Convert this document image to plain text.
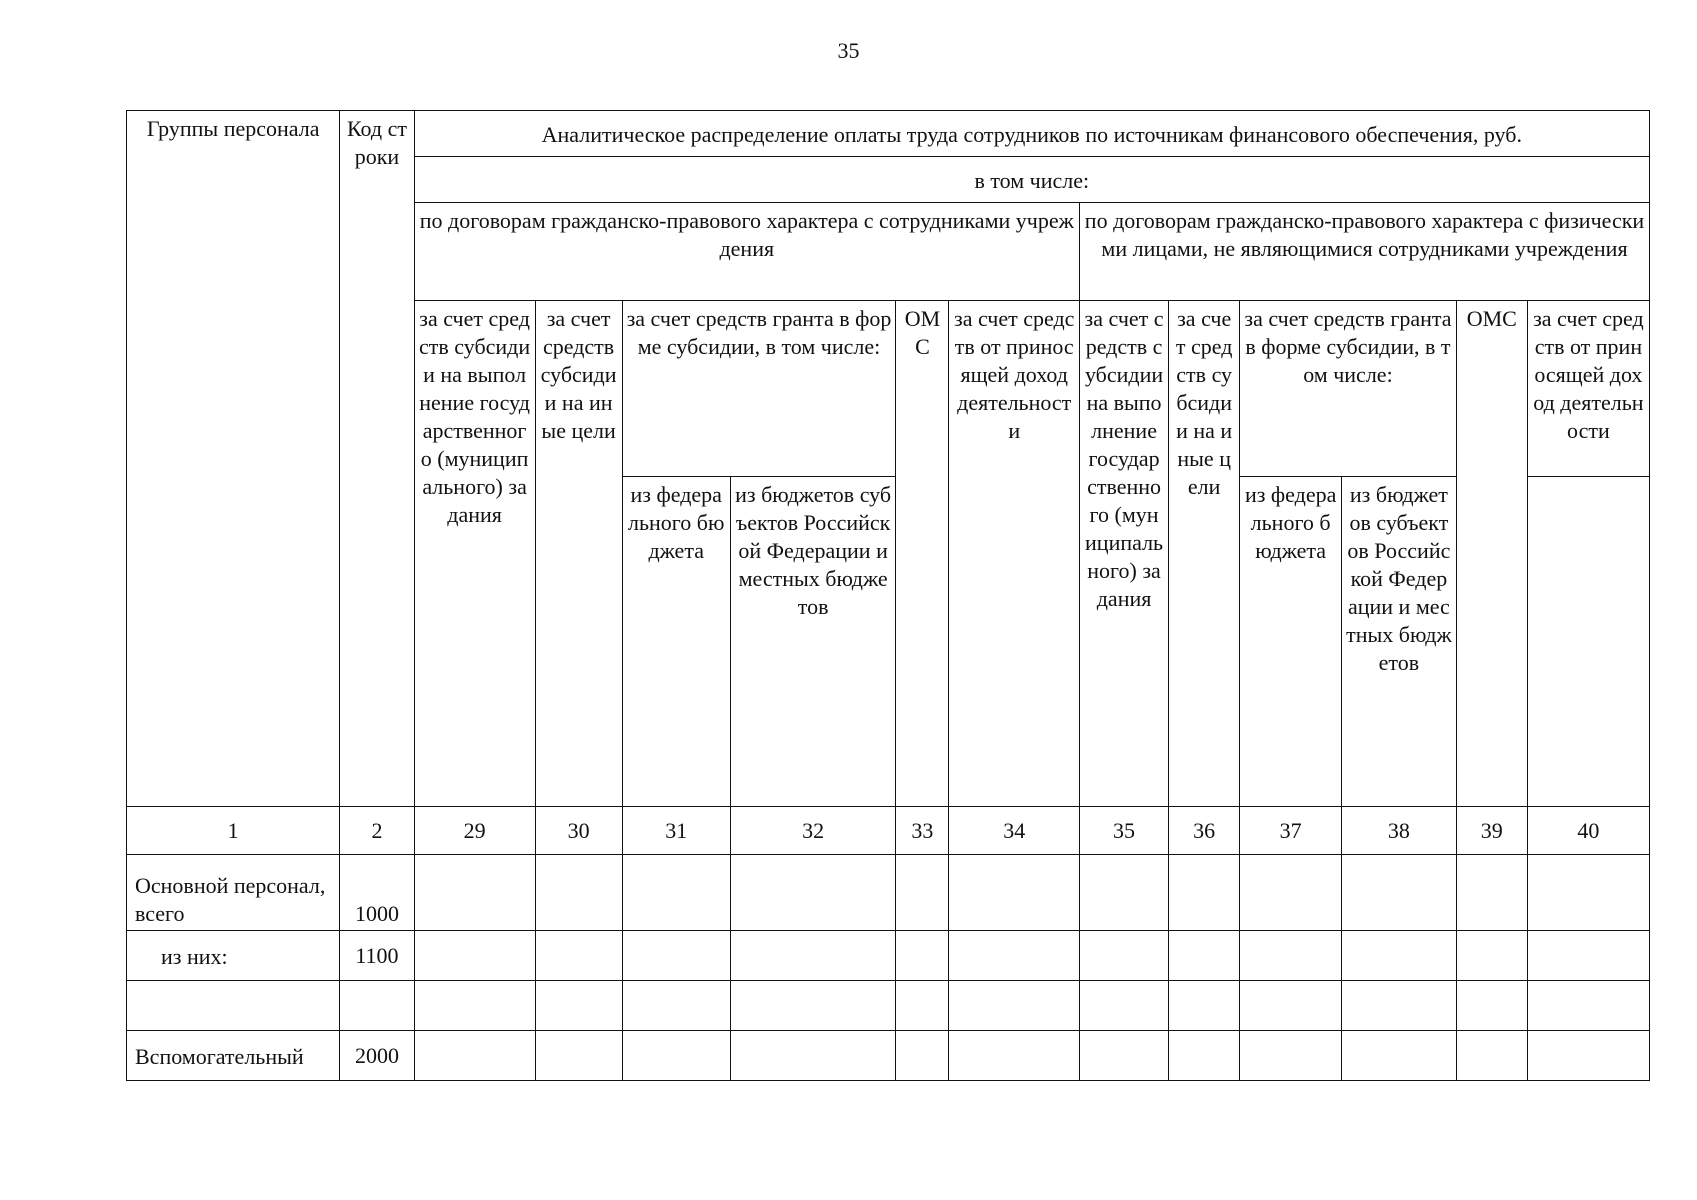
35
Группы персонала	Код строки	Аналитическое распределение оплаты труда сотрудников по источникам финансового обеспечения, руб.											
		в том числе:											
		по договорам гражданско-правового характера с сотрудниками учреждения						по договорам гражданско-правового характера с физическими лицами, не являющимися сотрудниками учреждения					
		за счет средств субсидии на выполнение государственного (муниципального) задания	за счет средств субсидии на иные цели	за счет средств гранта в форме субсидии, в том числе:		ОМС	за счет средств от приносящей доход деятельности	за счет средств субсидии на выполнение государственного (муниципального) задания	за счет средств субсидии на иные цели	за счет средств гранта в форме субсидии, в том числе:		ОМС	за счет средств от приносящей доход деятельности
				из федерального бюджета	из бюджетов субъектов Российской Федерации и местных бюджетов					из федерального бюджета	из бюджетов субъектов Российской Федерации и местных бюджетов		

1	2	29	30	31	32	33	34	35	36	37	38	39	40
Основной персонал, всего	1000												
из них:	1100												

Вспомогательный	2000												
